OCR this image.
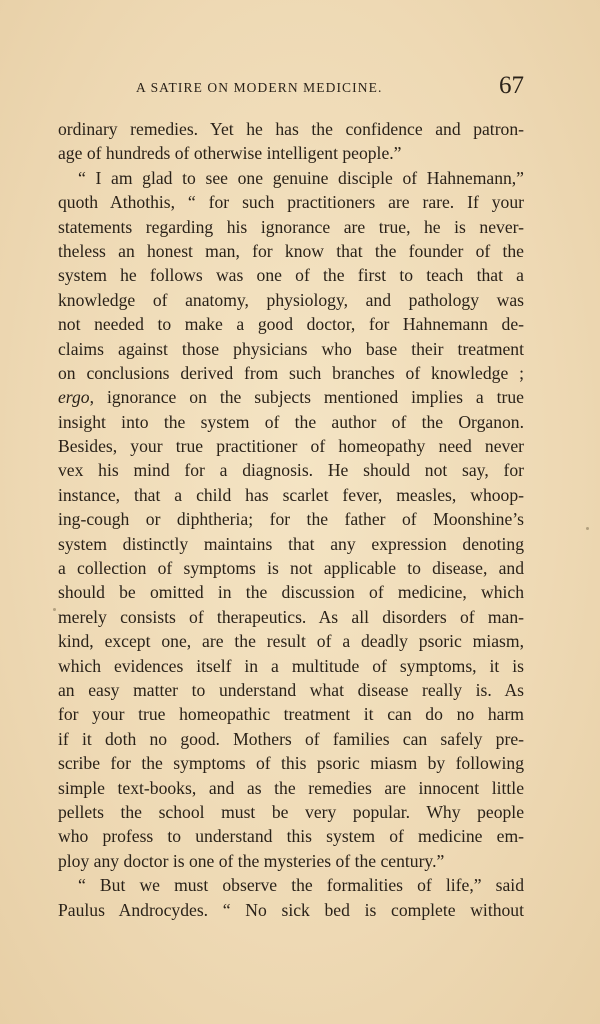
A SATIRE ON MODERN MEDICINE.	67
ordinary remedies. Yet he has the confidence and patron-
age of hundreds of otherwise intelligent people.”
“ I am glad to see one genuine disciple of Hahnemann,”
quoth Athothis, “ for such practitioners are rare. If your
statements regarding his ignorance are true, he is never-
theless an honest man, for know that the founder of the
system he follows was one of the first to teach that a
knowledge of anatomy, physiology, and pathology was
not needed to make a good doctor, for Hahnemann de-
claims against those physicians who base their treatment
on conclusions derived from such branches of knowledge ;
ergo, ignorance on the subjects mentioned implies a true
insight into the system of the author of the Organon.
Besides, your true practitioner of homeopathy need never
vex his mind for a diagnosis. He should not say, for
instance, that a child has scarlet fever, measles, whoop-
ing-cough or diphtheria; for the father of Moonshine’s
system distinctly maintains that any expression denoting
a collection of symptoms is not applicable to disease, and
should be omitted in the discussion of medicine, which
merely consists of therapeutics. As all disorders of man-
kind, except one, are the result of a deadly psoric miasm,
which evidences itself in a multitude of symptoms, it is
an easy matter to understand what disease really is. As
for your true homeopathic treatment it can do no harm
if it doth no good. Mothers of families can safely pre-
scribe for the symptoms of this psoric miasm by following
simple text-books, and as the remedies are innocent little
pellets the school must be very popular. Why people
who profess to understand this system of medicine em-
ploy any doctor is one of the mysteries of the century.”
“ But we must observe the formalities of life,” said
Paulus Androcydes. “ No sick bed is complete without
